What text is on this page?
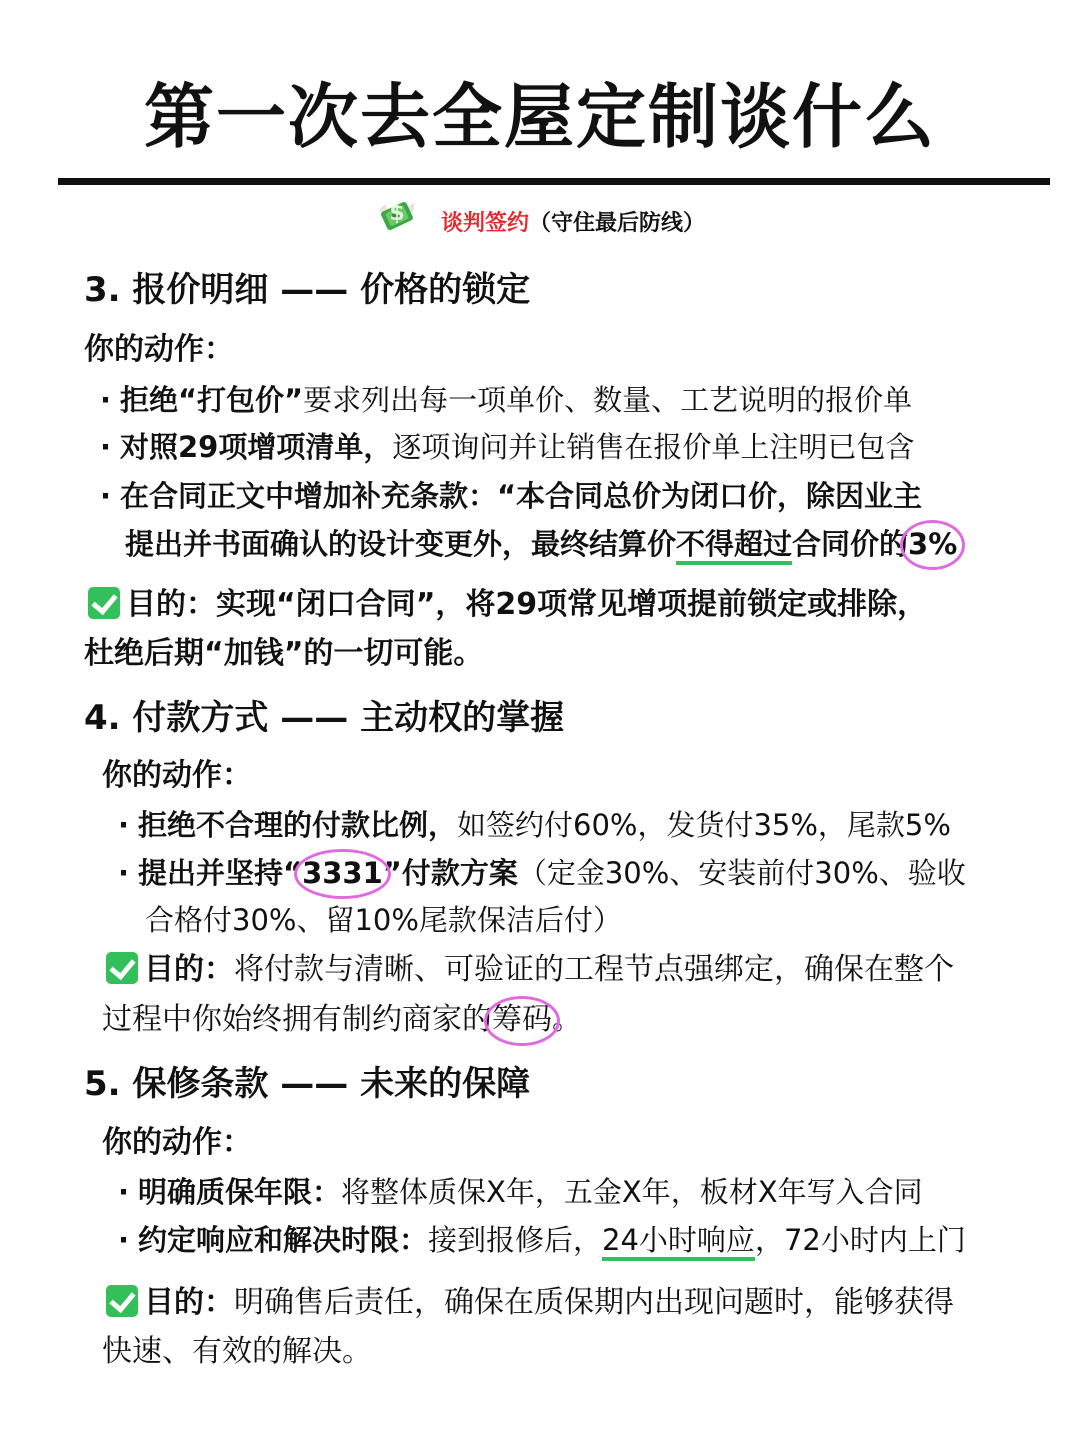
第一次去全屋定制谈什么
$ 谈判签约（守住最后防线）
3. 报价明细 —— 价格的锁定
你的动作：
· 拒绝“打包价”要求列出每一项单价、数量、工艺说明的报价单
· 对照29项增项清单，逐项询问并让销售在报价单上注明已包含
· 在合同正文中增加补充条款：“本合同总价为闭口价，除因业主
提出并书面确认的设计变更外，最终结算价不得超过合同价的3%
目的：实现“闭口合同”，将29项常见增项提前锁定或排除，
杜绝后期“加钱”的一切可能。
4. 付款方式 —— 主动权的掌握
你的动作：
· 拒绝不合理的付款比例，如签约付60%，发货付35%，尾款5%
· 提出并坚持“3331”付款方案（定金30%、安装前付30%、验收
合格付30%、留10%尾款保洁后付）
目的：将付款与清晰、可验证的工程节点强绑定，确保在整个
过程中你始终拥有制约商家的筹码。
5. 保修条款 —— 未来的保障
你的动作：
· 明确质保年限：将整体质保X年，五金X年，板材X年写入合同
· 约定响应和解决时限：接到报修后，24小时响应，72小时内上门
目的：明确售后责任，确保在质保期内出现问题时，能够获得
快速、有效的解决。
